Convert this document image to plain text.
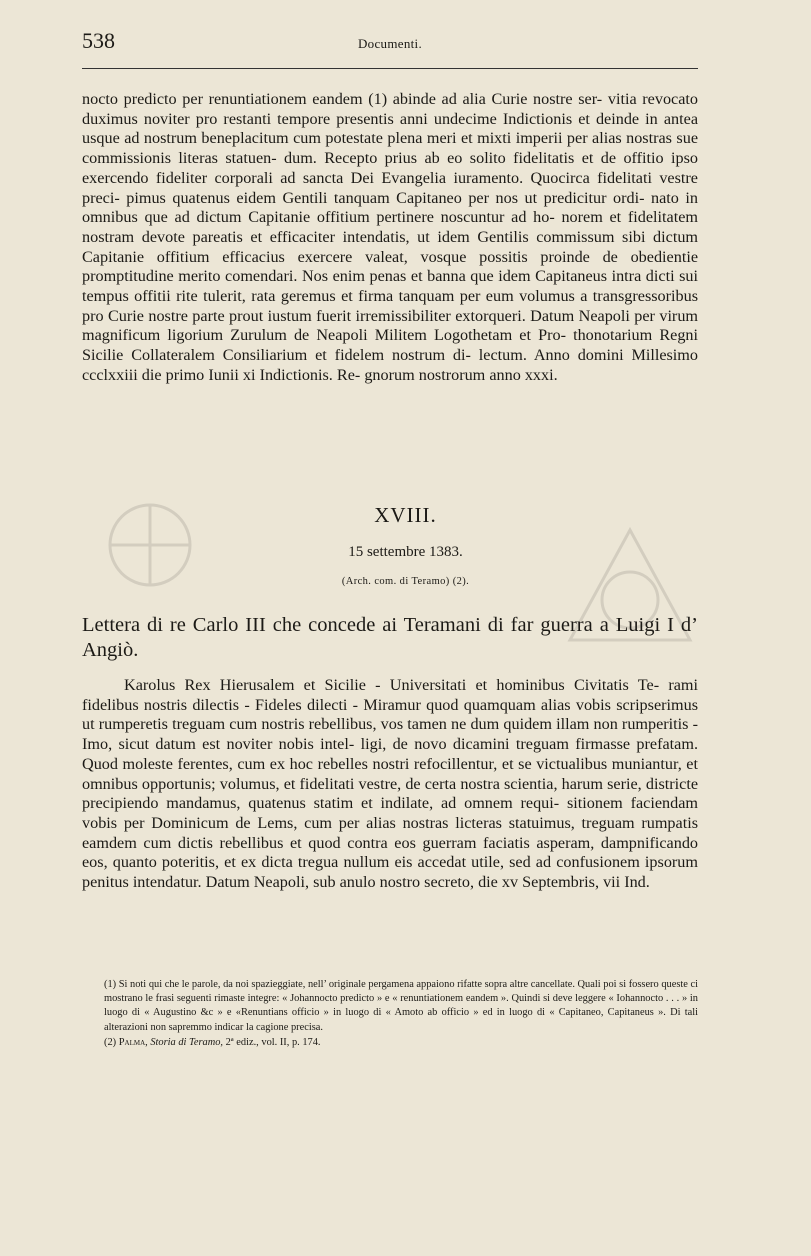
538	Documenti.

nocto predicto per renuntiationem eandem (1) abinde ad alia Curie nostre ser- vitia revocato duximus noviter pro restanti tempore presentis anni undecime Indictionis et deinde in antea usque ad nostrum beneplacitum cum potestate plena meri et mixti imperii per alias nostras sue commissionis literas statuen- dum. Recepto prius ab eo solito fidelitatis et de offitio ipso exercendo fideliter corporali ad sancta Dei Evangelia iuramento. Quocirca fidelitati vestre preci- pimus quatenus eidem Gentili tanquam Capitaneo per nos ut predicitur ordi- nato in omnibus que ad dictum Capitanie offitium pertinere noscuntur ad ho- norem et fidelitatem nostram devote pareatis et efficaciter intendatis, ut idem Gentilis commissum sibi dictum Capitanie offitium efficacius exercere valeat, vosque possitis proinde de obedientie promptitudine merito comendari. Nos enim penas et banna que idem Capitaneus intra dicti sui tempus offitii rite tulerit, rata geremus et firma tanquam per eum volumus a transgressoribus pro Curie nostre parte prout iustum fuerit irremissibiliter extorqueri. Datum Neapoli per virum magnificum ligorium Zurulum de Neapoli Militem Logothetam et Pro- thonotarium Regni Sicilie Collateralem Consiliarium et fidelem nostrum di- lectum. Anno domini Millesimo ccclxxiii die primo Iunii xi Indictionis. Re- gnorum nostrorum anno xxxi.

XVIII.
15 settembre 1383.
(Arch. com. di Teramo) (2).
Lettera di re Carlo III che concede ai Teramani di far guerra a Luigi I d’ Angiò.

Karolus Rex Hierusalem et Sicilie - Universitati et hominibus Civitatis Te- rami fidelibus nostris dilectis - Fideles dilecti - Miramur quod quamquam alias vobis scripserimus ut rumperetis treguam cum nostris rebellibus, vos tamen ne dum quidem illam non rumperitis - Imo, sicut datum est noviter nobis intel- ligi, de novo dicamini treguam firmasse prefatam. Quod moleste ferentes, cum ex hoc rebelles nostri refocillentur, et se victualibus muniantur, et omnibus opportunis; volumus, et fidelitati vestre, de certa nostra scientia, harum serie, districte precipiendo mandamus, quatenus statim et indilate, ad omnem requi- sitionem faciendam vobis per Dominicum de Lems, cum per alias nostras licteras statuimus, treguam rumpatis eamdem cum dictis rebellibus et quod contra eos guerram faciatis asperam, dampnificando eos, quanto poteritis, et ex dicta tregua nullum eis accedat utile, sed ad confusionem ipsorum penitus intendatur. Datum Neapoli, sub anulo nostro secreto, die xv Septembris, vii Ind.

(1) Si noti qui che le parole, da noi spazieggiate, nell’ originale pergamena appaiono rifatte sopra altre cancellate. Quali poi si fossero queste ci mostrano le frasi seguenti rimaste integre: « Johannocto predicto » e « renuntiationem eandem ». Quindi si deve leggere « Iohannocto . . . » in luogo di « Augustino &c » e «Renuntians officio » in luogo di « Amoto ab officio » ed in luogo di « Capitaneo, Capitaneus ». Di tali alterazioni non sapremmo indicar la cagione precisa.

(2) Palma, Storia di Teramo, 2ª ediz., vol. II, p. 174.
